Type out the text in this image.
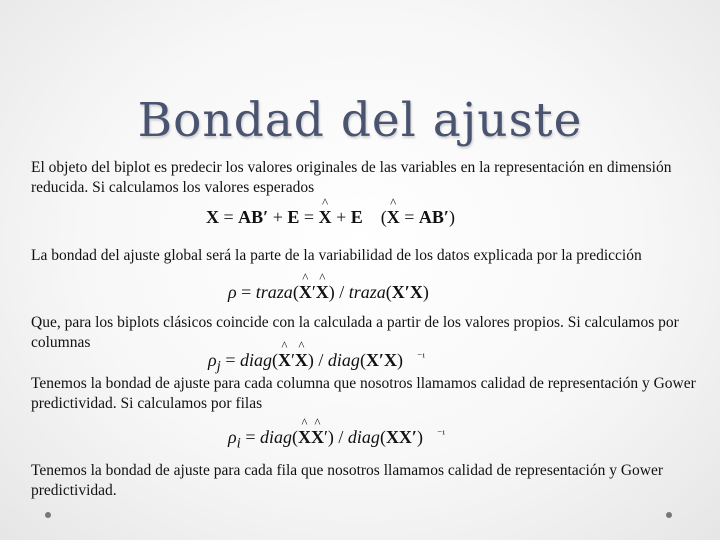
Bondad del ajuste

El objeto del biplot es predecir los valores originales de las variables en la representación en dimensión reducida. Si calculamos los valores esperados

X = AB′ + E = ^ X + E    (^ X = AB′)

La bondad del ajuste global será la parte de la variabilidad de los datos explicada por la predicción

ρ = traza(^ X′^ X) / traza(X′X)

Que, para los biplots clásicos coincide con la calculada a partir de los valores propios. Si calculamos por columnas

$\rho_j$ = diag(^ X′^ X) / diag(X′X) $^{^{-1}}$

Tenemos la bondad de ajuste para cada columna que nosotros llamamos calidad de representación y Gower predictividad. Si calculamos por filas

$\rho_i$ = diag(^ X^ X′) / diag(XX′) $^{^{-1}}$

Tenemos la bondad de ajuste para cada fila que nosotros llamamos calidad de representación y Gower predictividad.
